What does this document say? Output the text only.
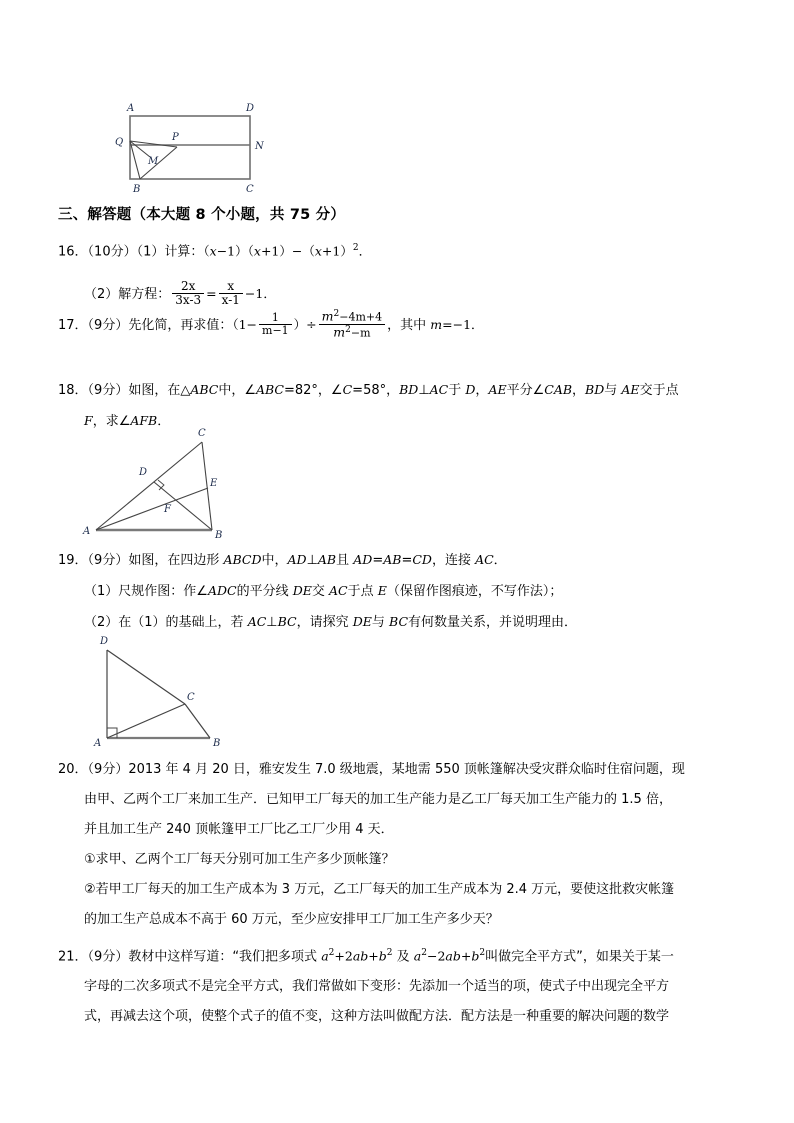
A	D
Q	P
N
M
B	C
三、解答题（本大题 8 个小题，共 75 分）
16．（10分）（1）计算：$(x-1)(x+1)-(x+1)^2$．
（2）解方程： $\frac{2x}{3x-3} = \frac{x}{x-1} -1$．
17．（9分）先化简，再求值：（$1- \frac{1}{m-1}$ ）÷ $\frac{m^2-4m+4}{m^2-m}$ ，其中 m=−1．
18．（9分）如图，在△ABC中，∠ABC=82°，∠C=58°，BD⊥AC于 D，AE平分∠CAB，BD与 AE交于点
F，求∠AFB．
C
D
E
F
A	B
19．（9分）如图，在四边形 ABCD中，AD⊥AB且 AD=AB=CD，连接 AC．
（1）尺规作图：作∠ADC的平分线 DE交 AC于点 E（保留作图痕迹，不写作法）；
（2）在（1）的基础上，若 AC⊥BC，请探究 DE与 BC有何数量关系，并说明理由．
D
C
A	B
20．（9分）2013 年 4 月 20 日，雅安发生 7.0 级地震，某地需 550 顶帐篷解决受灾群众临时住宿问题，现
由甲、乙两个工厂来加工生产．已知甲工厂每天的加工生产能力是乙工厂每天加工生产能力的 1.5 倍，
并且加工生产 240 顶帐篷甲工厂比乙工厂少用 4 天．
①求甲、乙两个工厂每天分别可加工生产多少顶帐篷？
②若甲工厂每天的加工生产成本为 3 万元，乙工厂每天的加工生产成本为 2.4 万元，要使这批救灾帐篷
的加工生产总成本不高于 60 万元，至少应安排甲工厂加工生产多少天？
21．（9分）教材中这样写道：“我们把多项式 $a^2+2ab+b^2$ 及 $a^2-2ab+b^2$叫做完全平方式”，如果关于某一
字母的二次多项式不是完全平方式，我们常做如下变形：先添加一个适当的项，使式子中出现完全平方
式，再减去这个项，使整个式子的值不变，这种方法叫做配方法．配方法是一种重要的解决问题的数学
